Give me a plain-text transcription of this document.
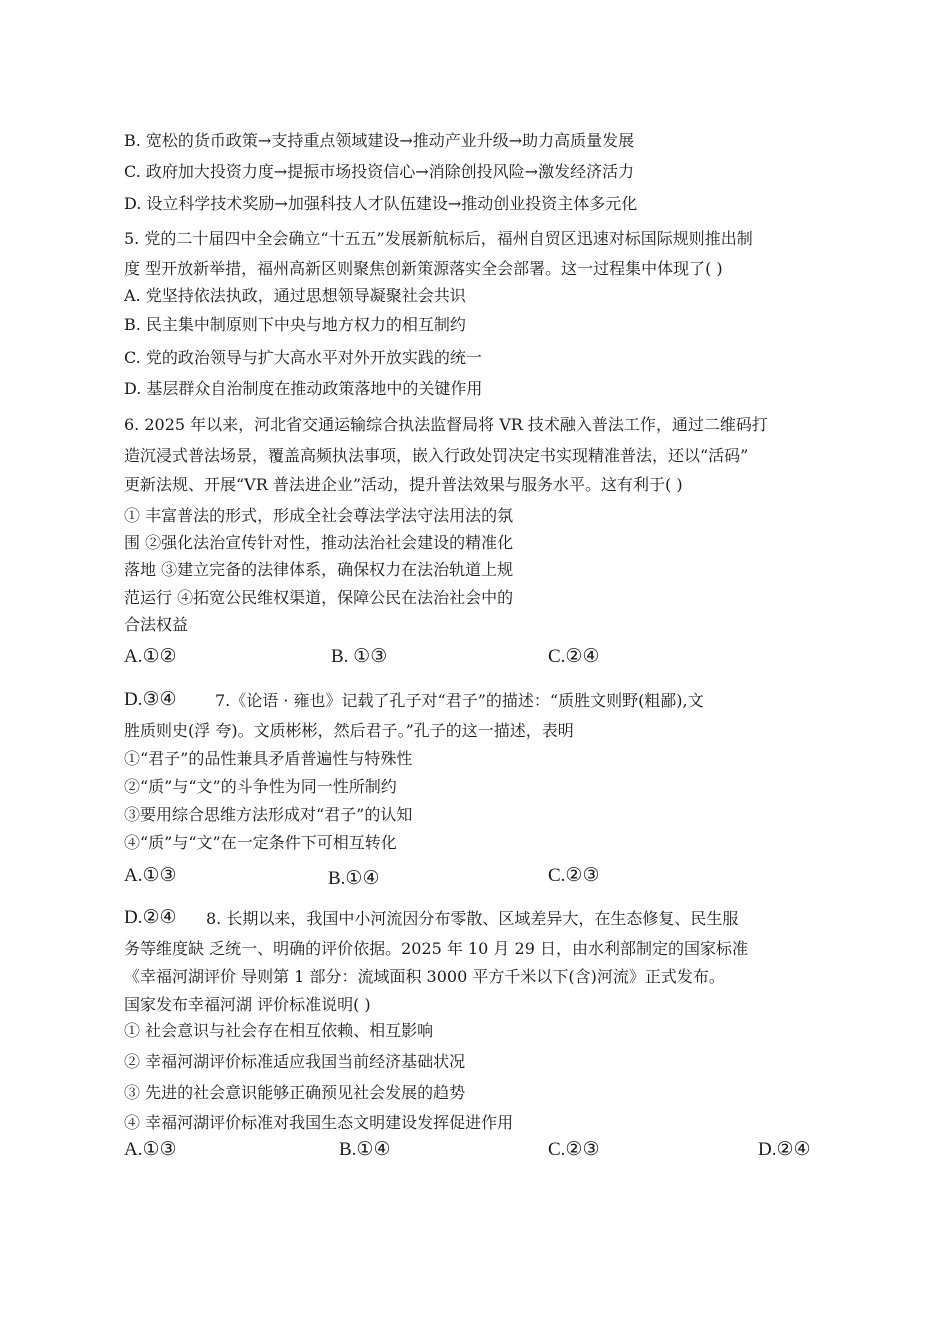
B. 宽松的货币政策→支持重点领域建设→推动产业升级→助力高质量发展
C. 政府加大投资力度→提振市场投资信心→消除创投风险→激发经济活力
D. 设立科学技术奖励→加强科技人才队伍建设→推动创业投资主体多元化
5. 党的二十届四中全会确立“十五五”发展新航标后，福州自贸区迅速对标国际规则推出制
度 型开放新举措，福州高新区则聚焦创新策源落实全会部署。这一过程集中体现了( )
A. 党坚持依法执政，通过思想领导凝聚社会共识
B. 民主集中制原则下中央与地方权力的相互制约
C. 党的政治领导与扩大高水平对外开放实践的统一
D. 基层群众自治制度在推动政策落地中的关键作用
6. 2025 年以来，河北省交通运输综合执法监督局将 VR 技术融入普法工作，通过二维码打
造沉浸式普法场景，覆盖高频执法事项，嵌入行政处罚决定书实现精准普法，还以“活码”
更新法规、开展“VR 普法进企业”活动，提升普法效果与服务水平。这有利于( )
① 丰富普法的形式，形成全社会尊法学法守法用法的氛
围 ②强化法治宣传针对性，推动法治社会建设的精准化
落地 ③建立完备的法律体系，确保权力在法治轨道上规
范运行 ④拓宽公民维权渠道，保障公民在法治社会中的
合法权益
A.①②	B. ①③	C.②④
D.③④ 7.《论语 · 雍也》记载了孔子对“君子”的描述：“质胜文则野(粗鄙),文
胜质则史(浮 夸)。文质彬彬，然后君子。”孔子的这一描述，表明
①“君子”的品性兼具矛盾普遍性与特殊性
②“质”与“文”的斗争性为同一性所制约
③要用综合思维方法形成对“君子”的认知
④“质”与“文”在一定条件下可相互转化
A.①③	B.①④	C.②③
D.②④ 8. 长期以来，我国中小河流因分布零散、区域差异大，在生态修复、民生服
务等维度缺 乏统一、明确的评价依据。2025 年 10 月 29 日，由水利部制定的国家标准
《幸福河湖评价 导则第 1 部分：流域面积 3000 平方千米以下(含)河流》正式发布。
国家发布幸福河湖 评价标准说明( )
① 社会意识与社会存在相互依赖、相互影响
② 幸福河湖评价标准适应我国当前经济基础状况
③ 先进的社会意识能够正确预见社会发展的趋势
④ 幸福河湖评价标准对我国生态文明建设发挥促进作用
A.①③	B.①④	C.②③	D.②④
